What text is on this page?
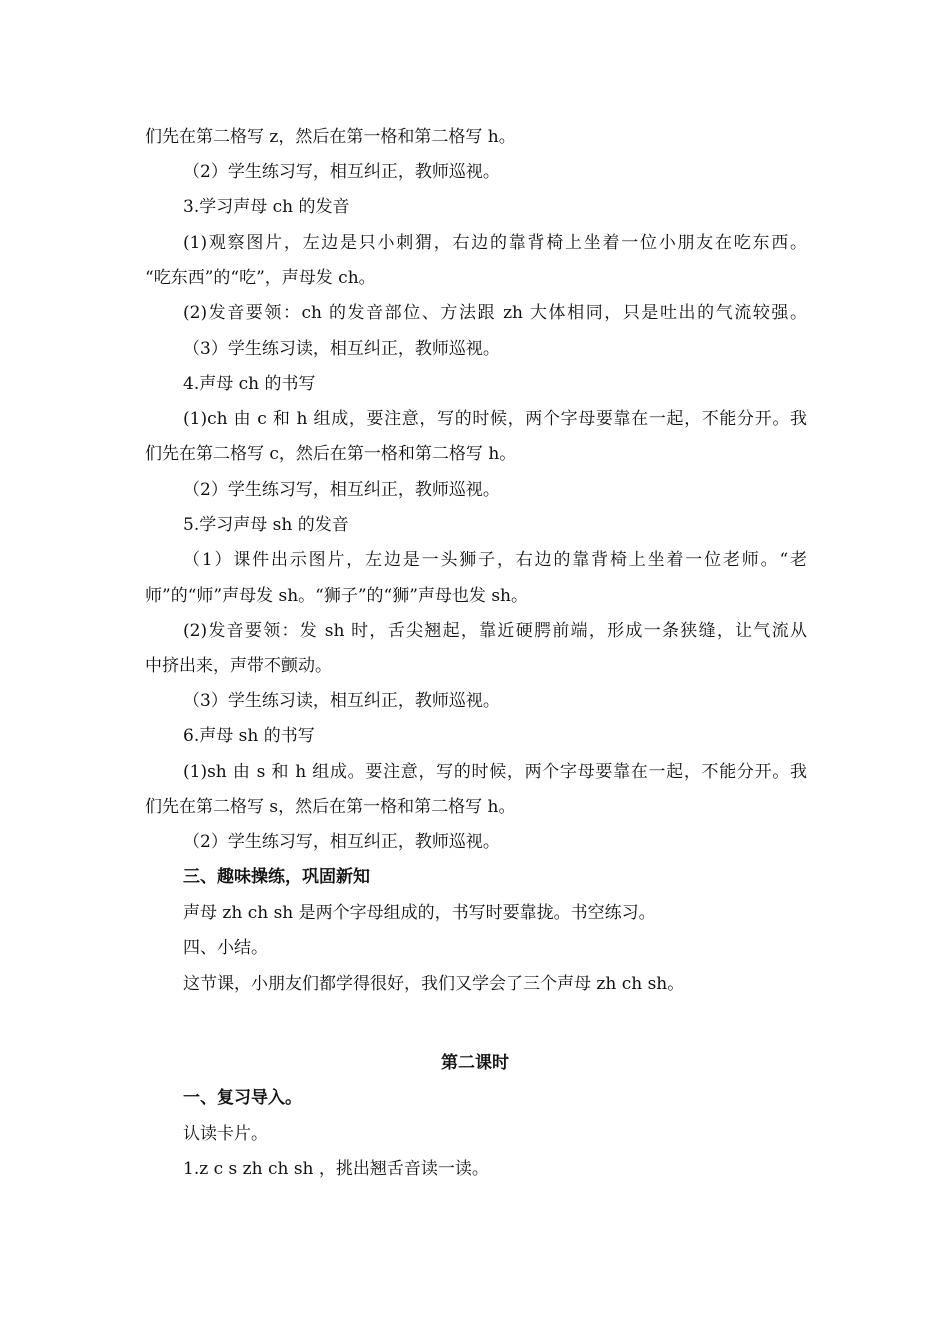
们先在第二格写 z，然后在第一格和第二格写 h。
（2）学生练习写，相互纠正，教师巡视。
3.学习声母 ch 的发音
(1)观察图片，左边是只小刺猬，右边的靠背椅上坐着一位小朋友在吃东西。
“吃东西”的“吃”，声母发 ch。
(2)发音要领：ch 的发音部位、方法跟 zh 大体相同，只是吐出的气流较强。
（3）学生练习读，相互纠正，教师巡视。
4.声母 ch 的书写
(1)ch 由 c 和 h 组成，要注意，写的时候，两个字母要靠在一起，不能分开。我
们先在第二格写 c，然后在第一格和第二格写 h。
（2）学生练习写，相互纠正，教师巡视。
5.学习声母 sh 的发音
（1）课件出示图片，左边是一头狮子，右边的靠背椅上坐着一位老师。“老
师”的“师”声母发 sh。“狮子”的“狮”声母也发 sh。
(2)发音要领：发 sh 时，舌尖翘起，靠近硬腭前端，形成一条狭缝，让气流从
中挤出来，声带不颤动。
（3）学生练习读，相互纠正，教师巡视。
6.声母 sh 的书写
(1)sh 由 s 和 h 组成。要注意，写的时候，两个字母要靠在一起，不能分开。我
们先在第二格写 s，然后在第一格和第二格写 h。
（2）学生练习写，相互纠正，教师巡视。
三、趣味操练，巩固新知
声母 zh ch sh 是两个字母组成的，书写时要靠拢。书空练习。
四、小结。
这节课，小朋友们都学得很好，我们又学会了三个声母 zh ch sh。
第二课时
一、复习导入。
认读卡片。
1.z c s zh ch sh ，挑出翘舌音读一读。
